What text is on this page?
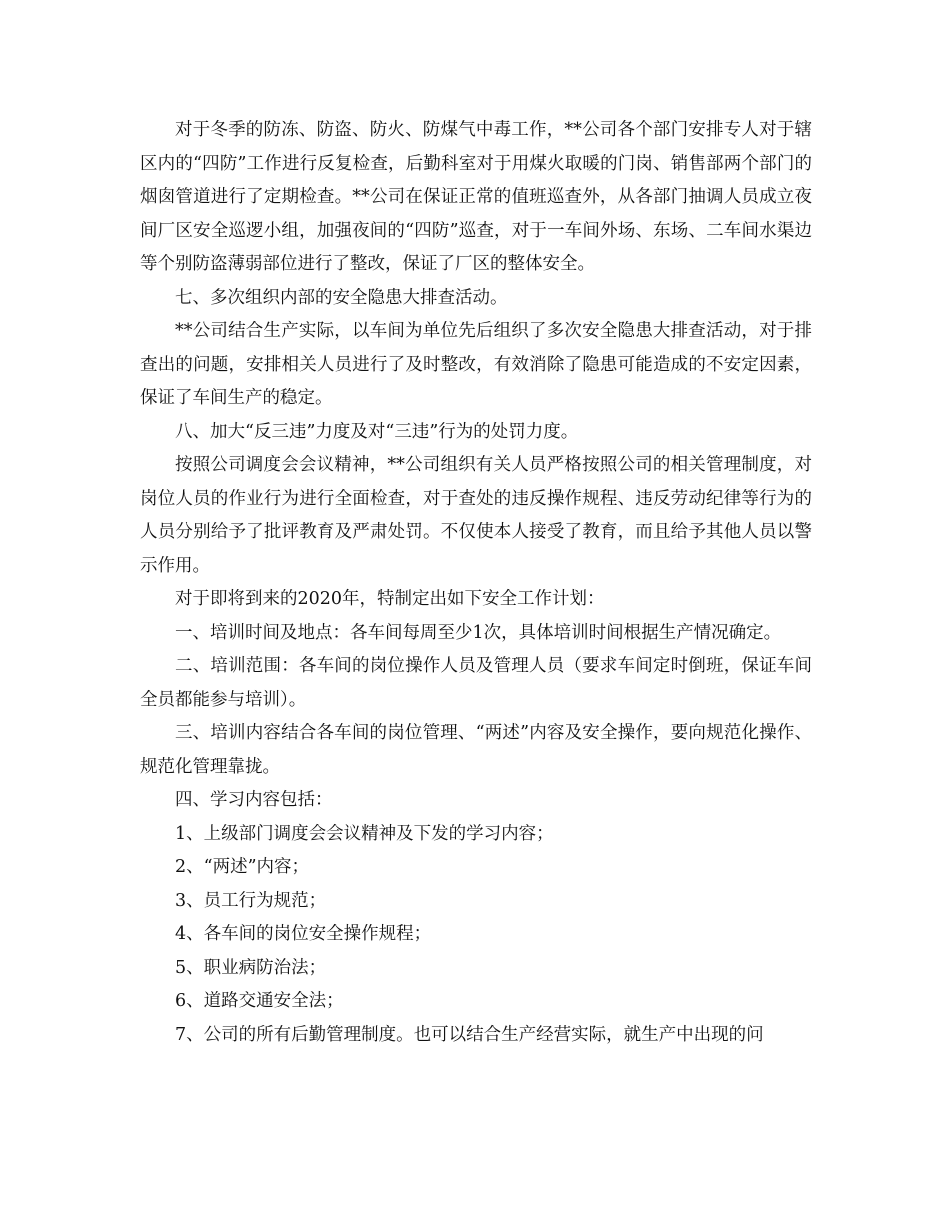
对于冬季的防冻、防盗、防火、防煤气中毒工作，**公司各个部门安排专人对于辖区内的“四防”工作进行反复检查，后勤科室对于用煤火取暖的门岗、销售部两个部门的烟囱管道进行了定期检查。**公司在保证正常的值班巡查外，从各部门抽调人员成立夜间厂区安全巡逻小组，加强夜间的“四防”巡查，对于一车间外场、东场、二车间水渠边等个别防盗薄弱部位进行了整改，保证了厂区的整体安全。

七、多次组织内部的安全隐患大排查活动。

**公司结合生产实际，以车间为单位先后组织了多次安全隐患大排查活动，对于排查出的问题，安排相关人员进行了及时整改，有效消除了隐患可能造成的不安定因素，保证了车间生产的稳定。

八、加大“反三违”力度及对“三违”行为的处罚力度。

按照公司调度会会议精神，**公司组织有关人员严格按照公司的相关管理制度，对岗位人员的作业行为进行全面检查，对于查处的违反操作规程、违反劳动纪律等行为的人员分别给予了批评教育及严肃处罚。不仅使本人接受了教育，而且给予其他人员以警示作用。

对于即将到来的2020年，特制定出如下安全工作计划：

一、培训时间及地点：各车间每周至少1次，具体培训时间根据生产情况确定。

二、培训范围：各车间的岗位操作人员及管理人员（要求车间定时倒班，保证车间全员都能参与培训）。

三、培训内容结合各车间的岗位管理、“两述”内容及安全操作，要向规范化操作、规范化管理靠拢。

四、学习内容包括：

1、上级部门调度会会议精神及下发的学习内容；

2、“两述”内容；

3、员工行为规范；

4、各车间的岗位安全操作规程；

5、职业病防治法；

6、道路交通安全法；

7、公司的所有后勤管理制度。也可以结合生产经营实际，就生产中出现的问
